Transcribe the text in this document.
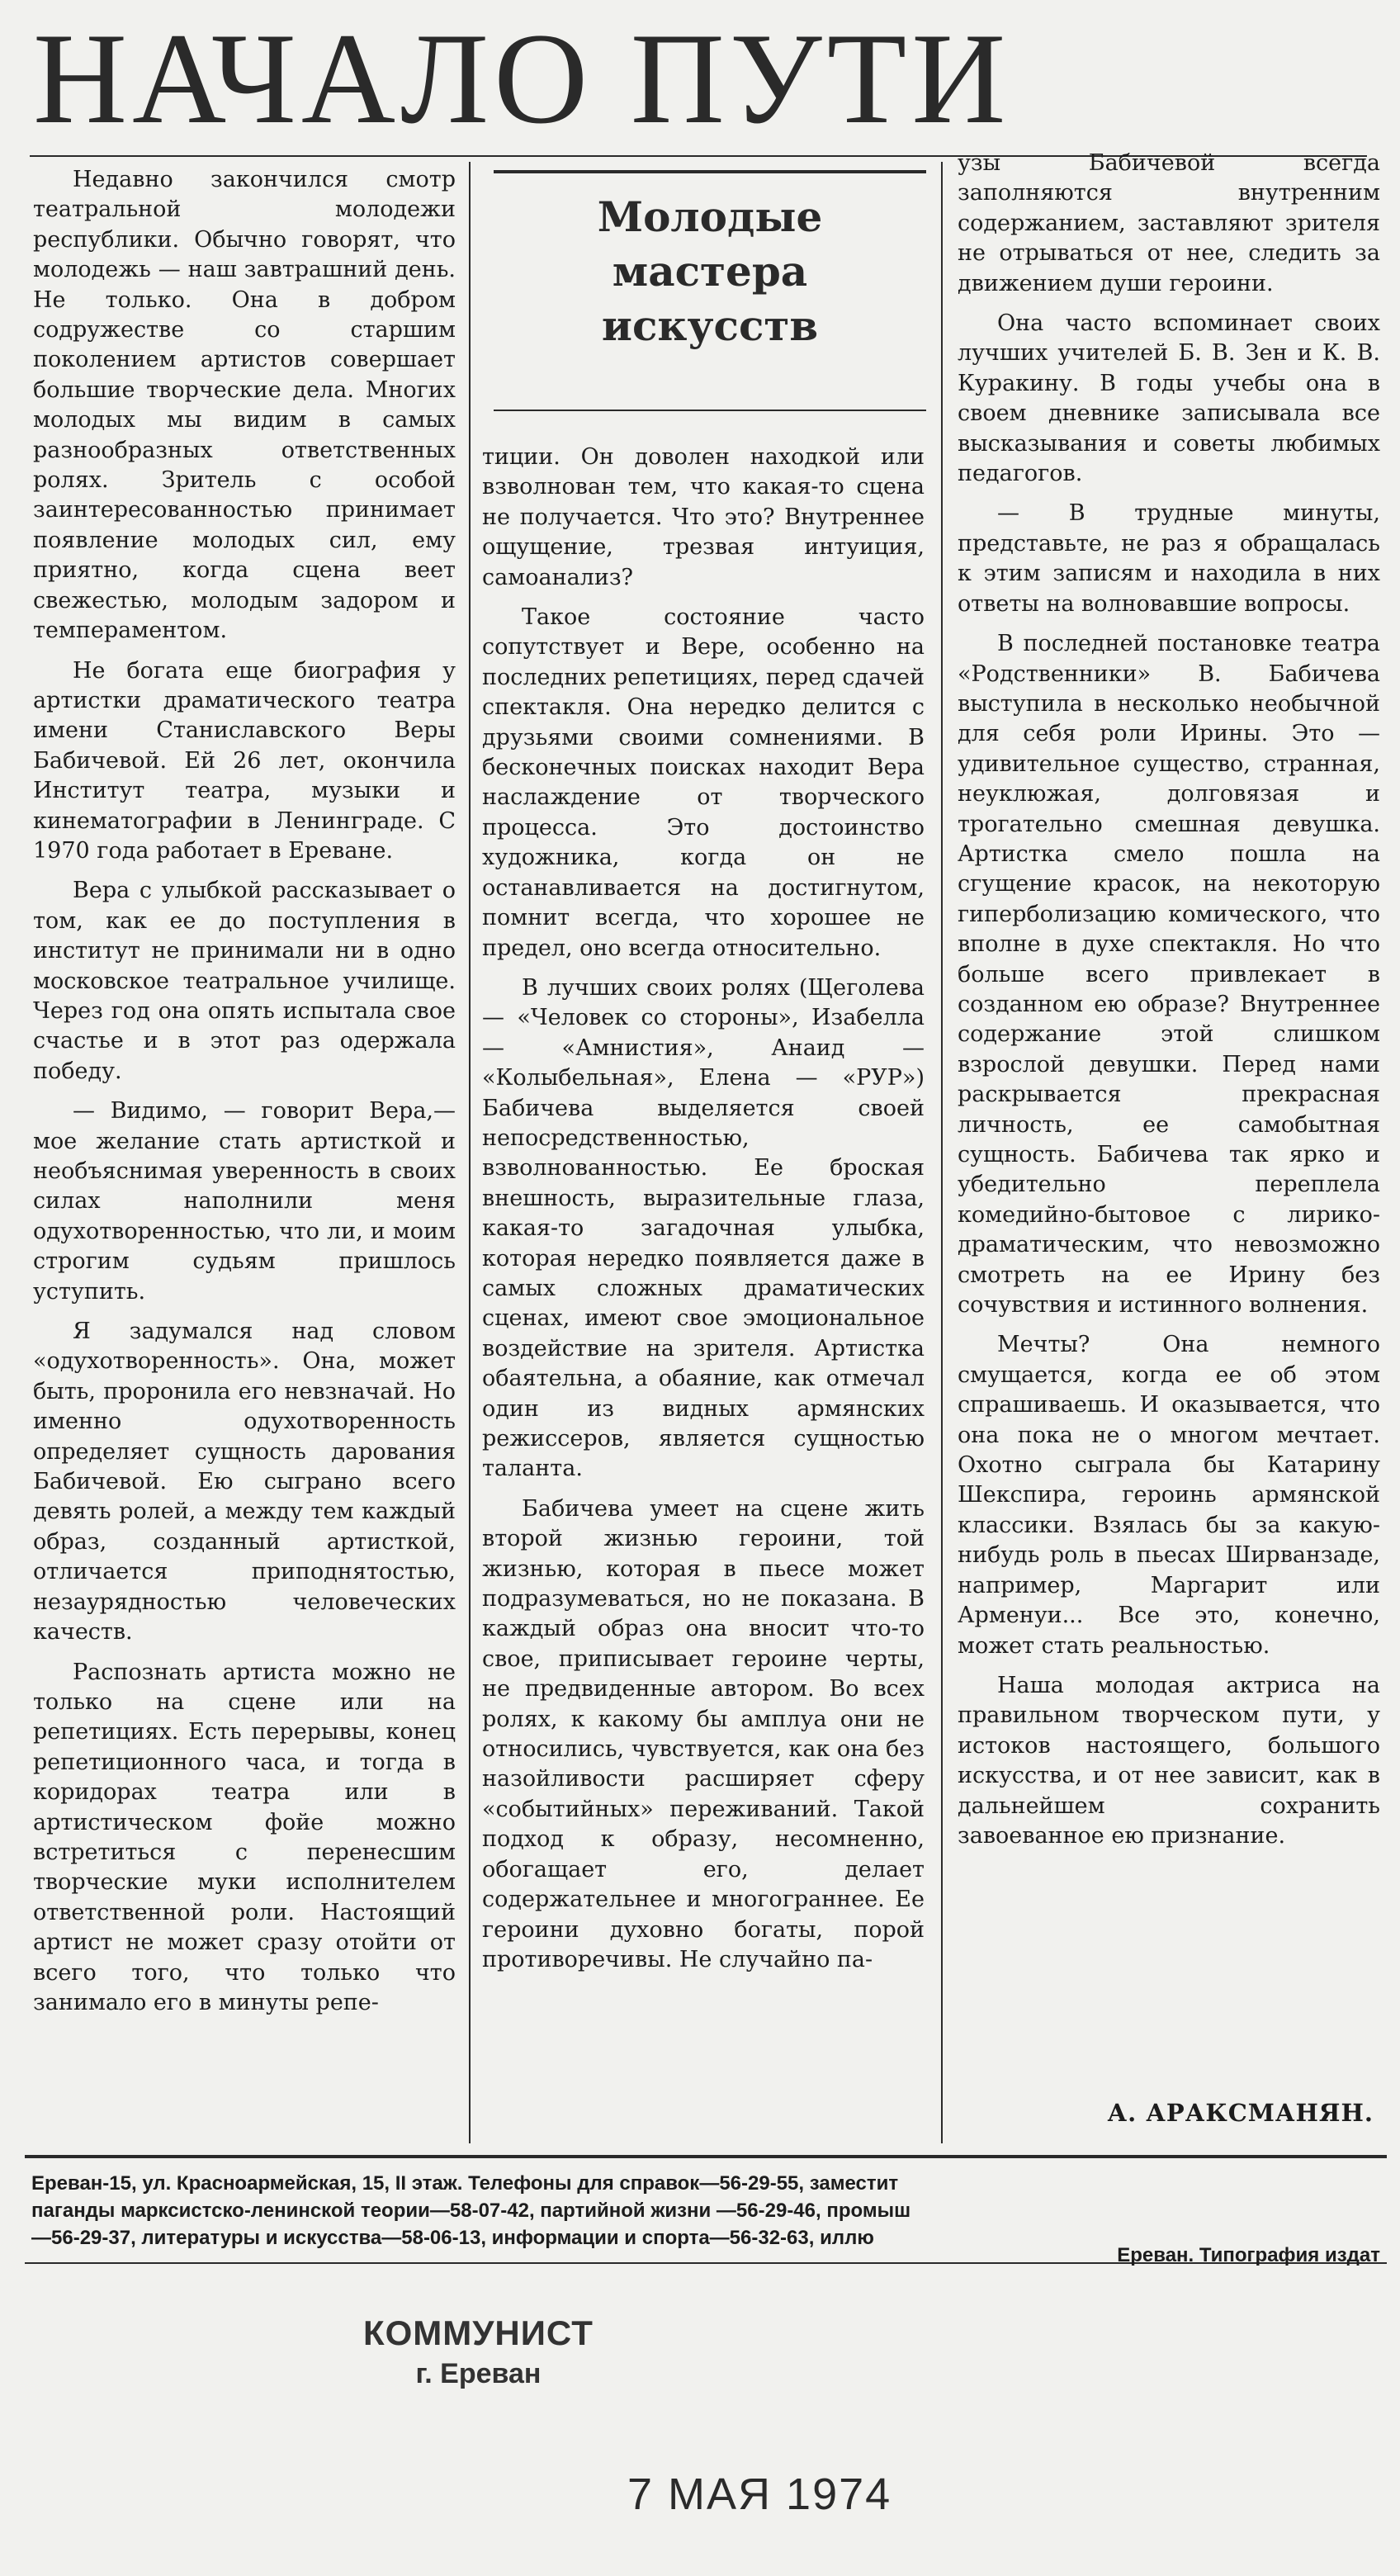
НАЧАЛО ПУТИ

Недавно закончился смотр театральной молодежи республики. Обычно говорят, что молодежь — наш завтрашний день. Не только. Она в добром содружестве со старшим поколением артистов совершает большие творческие дела. Многих молодых мы видим в самых разнообразных ответственных ролях. Зритель с особой заинтересованностью принимает появление молодых сил, ему приятно, когда сцена веет свежестью, молодым задором и темпераментом.

Не богата еще биография у артистки драматического театра имени Станиславского Веры Бабичевой. Ей 26 лет, окончила Институт театра, музыки и кинематографии в Ленинграде. С 1970 года работает в Ереване.

Вера с улыбкой рассказывает о том, как ее до поступления в институт не принимали ни в одно московское театральное училище. Через год она опять испытала свое счастье и в этот раз одержала победу.

— Видимо, — говорит Вера,—мое желание стать артисткой и необъяснимая уверенность в своих силах наполнили меня одухотворенностью, что ли, и моим строгим судьям пришлось уступить.

Я задумался над словом «одухотворенность». Она, может быть, проронила его невзначай. Но именно одухотворенность определяет сущность дарования Бабичевой. Ею сыграно всего девять ролей, а между тем каждый образ, созданный артисткой, отличается приподнятостью, незаурядностью человеческих качеств.

Распознать артиста можно не только на сцене или на репетициях. Есть перерывы, конец репетиционного часа, и тогда в коридорах театра или в артистическом фойе можно встретиться с перенесшим творческие муки исполнителем ответственной роли. Настоящий артист не может сразу отойти от всего того, что только что занимало его в минуты репе-

Молодые
мастера
искусств

тиции. Он доволен находкой или взволнован тем, что какая-то сцена не получается. Что это? Внутреннее ощущение, трезвая интуиция, самоанализ?

Такое состояние часто сопутствует и Вере, особенно на последних репетициях, перед сдачей спектакля. Она нередко делится с друзьями своими сомнениями. В бесконечных поисках находит Вера наслаждение от творческого процесса. Это достоинство художника, когда он не останавливается на достигнутом, помнит всегда, что хорошее не предел, оно всегда относительно.

В лучших своих ролях (Щеголева — «Человек со стороны», Изабелла — «Амнистия», Анаид — «Колыбельная», Елена — «РУР») Бабичева выделяется своей непосредственностью, взволнованностью. Ее броская внешность, выразительные глаза, какая-то загадочная улыбка, которая нередко появляется даже в самых сложных драматических сценах, имеют свое эмоциональное воздействие на зрителя. Артистка обаятельна, а обаяние, как отмечал один из видных армянских режиссеров, является сущностью таланта.

Бабичева умеет на сцене жить второй жизнью героини, той жизнью, которая в пьесе может подразумеваться, но не показана. В каждый образ она вносит что-то свое, приписывает героине черты, не предвиденные автором. Во всех ролях, к какому бы амплуа они не относились, чувствуется, как она без назойливости расширяет сферу «событийных» переживаний. Такой подход к образу, несомненно, обогащает его, делает содержательнее и многограннее. Ее героини духовно богаты, порой противоречивы. Не случайно па-

узы Бабичевой всегда заполняются внутренним содержанием, заставляют зрителя не отрываться от нее, следить за движением души героини.

Она часто вспоминает своих лучших учителей Б. В. Зен и К. В. Куракину. В годы учебы она в своем дневнике записывала все высказывания и советы любимых педагогов.

— В трудные минуты, представьте, не раз я обращалась к этим записям и находила в них ответы на волновавшие вопросы.

В последней постановке театра «Родственники» В. Бабичева выступила в несколько необычной для себя роли Ирины. Это — удивительное существо, странная, неуклюжая, долговязая и трогательно смешная девушка. Артистка смело пошла на сгущение красок, на некоторую гиперболизацию комического, что вполне в духе спектакля. Но что больше всего привлекает в созданном ею образе? Внутреннее содержание этой слишком взрослой девушки. Перед нами раскрывается прекрасная личность, ее самобытная сущность. Бабичева так ярко и убедительно переплела комедийно-бытовое с лирико-драматическим, что невозможно смотреть на ее Ирину без сочувствия и истинного волнения.

Мечты? Она немного смущается, когда ее об этом спрашиваешь. И оказывается, что она пока не о многом мечтает. Охотно сыграла бы Катарину Шекспира, героинь армянской классики. Взялась бы за какую-нибудь роль в пьесах Ширванзаде, например, Маргарит или Арменуи... Все это, конечно, может стать реальностью.

Наша молодая актриса на правильном творческом пути, у истоков настоящего, большого искусства, и от нее зависит, как в дальнейшем сохранить завоеванное ею признание.

А. АРАКСМАНЯН.

Ереван-15, ул. Красноармейская, 15, II этаж. Телефоны для справок—56-29-55, заместит
паганды марксистско-ленинской теории—58-07-42, партийной жизни —56-29-46, промыш
—56-29-37, литературы и искусства—58-06-13, информации и спорта—56-32-63, иллю

Ереван. Типография издат

КОММУНИСТ
г. Ереван
7 МАЯ 1974
